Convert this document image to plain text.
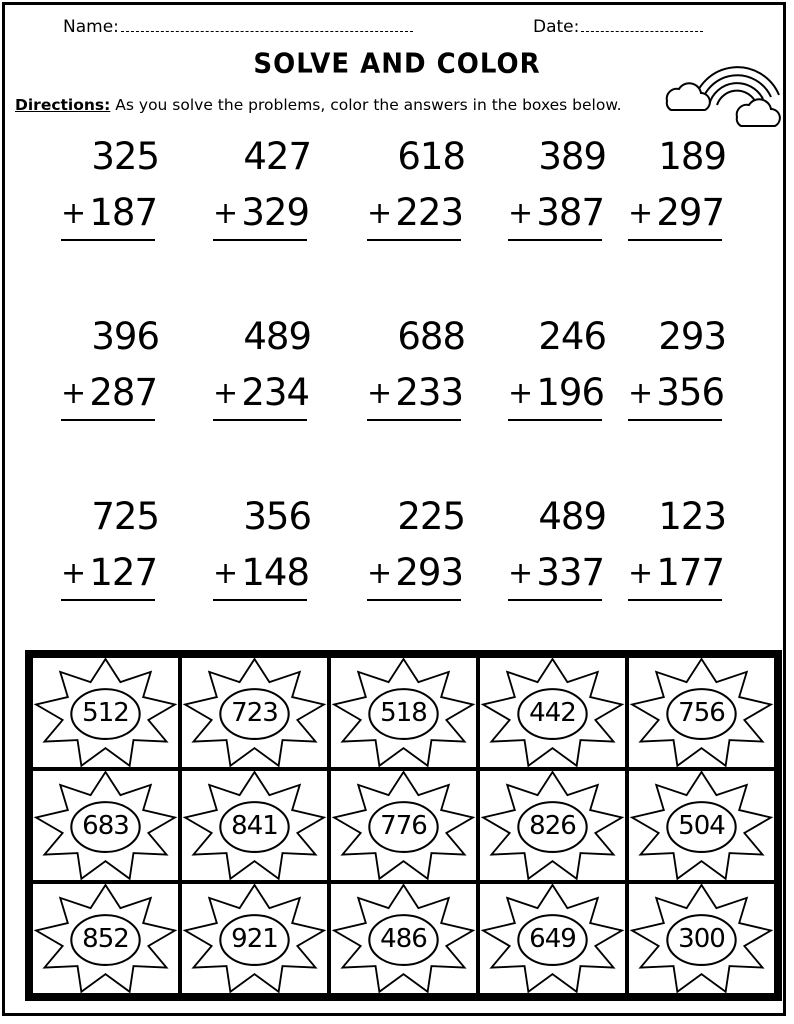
Name:	Date:
SOLVE AND COLOR
Directions: As you solve the problems, color the answers in the boxes below.
325
+ 187
427
+ 329
618
+ 223
389
+ 387
189
+ 297
396
+ 287
489
+ 234
688
+ 233
246
+ 196
293
+ 356
725
+ 127
356
+ 148
225
+ 293
489
+ 337
123
+ 177
512	723	518	442	756
683	841	776	826	504
852	921	486	649	300
